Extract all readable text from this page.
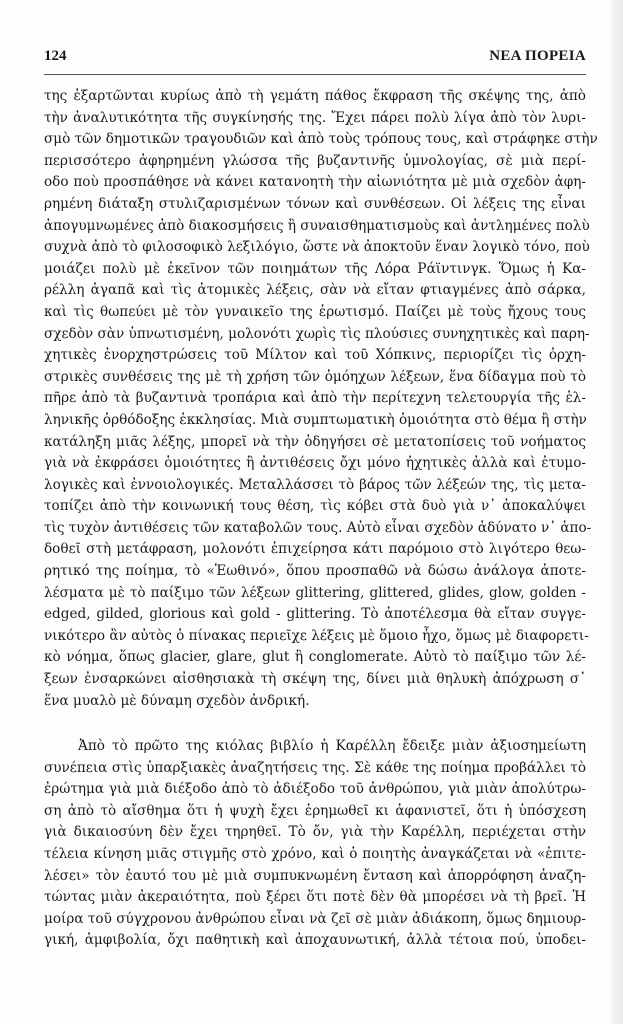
124	ΝΕΑ ΠΟΡΕΙΑ
της ἐξαρτῶνται κυρίως ἀπὸ τὴ γεμάτη πάθος ἔκφραση τῆς σκέψης της, ἀπὸ
τὴν ἀναλυτικότητα τῆς συγκίνησής της. Ἔχει πάρει πολὺ λίγα ἀπὸ τὸν λυρι-
σμὸ τῶν δημοτικῶν τραγουδιῶν καὶ ἀπὸ τοὺς τρόπους τους, καὶ στράφηκε στὴν
περισσότερο ἀφηρημένη γλώσσα τῆς βυζαντινῆς ὑμνολογίας, σὲ μιὰ περί-
οδο ποὺ προσπάθησε νὰ κάνει κατανοητὴ τὴν αἰωνιότητα μὲ μιὰ σχεδὸν ἀφη-
ρημένη διάταξη στυλιζαρισμένων τόνων καὶ συνθέσεων. Οἱ λέξεις της εἶναι
ἀπογυμνωμένες ἀπὸ διακοσμήσεις ἢ συναισθηματισμοὺς καὶ ἀντλημένες πολὺ
συχνὰ ἀπὸ τὸ φιλοσοφικὸ λεξιλόγιο, ὥστε νὰ ἀποκτοῦν ἕναν λογικὸ τόνο, ποὺ
μοιάζει πολὺ μὲ ἐκεῖνον τῶν ποιημάτων τῆς Λόρα Ράϊντινγκ. Ὅμως ἡ Κα-
ρέλλη ἀγαπᾶ καὶ τὶς ἀτομικὲς λέξεις, σὰν νὰ εἴταν φτιαγμένες ἀπὸ σάρκα,
καὶ τὶς θωπεύει μὲ τὸν γυναικεῖο της ἐρωτισμό. Παίζει μὲ τοὺς ἤχους τους
σχεδὸν σὰν ὑπνωτισμένη, μολονότι χωρὶς τὶς πλούσιες συνηχητικὲς καὶ παρη-
χητικὲς ἐνορχηστρώσεις τοῦ Μίλτον καὶ τοῦ Χόπκινς, περιορίζει τὶς ὀρχη-
στρικὲς συνθέσεις της μὲ τὴ χρήση τῶν ὁμόηχων λέξεων, ἕνα δίδαγμα ποὺ τὸ
πῆρε ἀπὸ τὰ βυζαντινὰ τροπάρια καὶ ἀπὸ τὴν περίτεχνη τελετουργία τῆς ἑλ-
ληνικῆς ὀρθόδοξης ἐκκλησίας. Μιὰ συμπτωματικὴ ὁμοιότητα στὸ θέμα ἢ στὴν
κατάληξη μιᾶς λέξης, μπορεῖ νὰ τὴν ὁδηγήσει σὲ μετατοπίσεις τοῦ νοήματος
γιὰ νὰ ἐκφράσει ὁμοιότητες ἢ ἀντιθέσεις ὄχι μόνο ἠχητικὲς ἀλλὰ καὶ ἐτυμο-
λογικὲς καὶ ἐννοιολογικές. Μεταλλάσσει τὸ βάρος τῶν λέξεών της, τὶς μετα-
τοπίζει ἀπὸ τὴν κοινωνική τους θέση, τὶς κόβει στὰ δυὸ γιὰ ν᾿ ἀποκαλύψει
τὶς τυχὸν ἀντιθέσεις τῶν καταβολῶν τους. Αὐτὸ εἶναι σχεδὸν ἀδύνατο ν᾿ ἀπο-
δοθεῖ στὴ μετάφραση, μολονότι ἐπιχείρησα κάτι παρόμοιο στὸ λιγότερο θεω-
ρητικό της ποίημα, τὸ «Ἑωθινό», ὅπου προσπαθῶ νὰ δώσω ἀνάλογα ἀποτε-
λέσματα μὲ τὸ παίξιμο τῶν λέξεων glittering, glittered, glides, glow, golden -
edged, gilded, glorious καὶ gold - glittering. Τὸ ἀποτέλεσμα θὰ εἴταν συγγε-
νικότερο ἂν αὐτὸς ὁ πίνακας περιεῖχε λέξεις μὲ ὅμοιο ἦχο, ὅμως μὲ διαφορετι-
κὸ νόημα, ὅπως glacier, glare, glut ἢ conglomerate. Αὐτὸ τὸ παίξιμο τῶν λέ-
ξεων ἐνσαρκώνει αἰσθησιακὰ τὴ σκέψη της, δίνει μιὰ θηλυκὴ ἀπόχρωση σ᾿
ἕνα μυαλὸ μὲ δύναμη σχεδὸν ἀνδρική.
Ἀπὸ τὸ πρῶτο της κιόλας βιβλίο ἡ Καρέλλη ἔδειξε μιὰν ἀξιοσημείωτη
συνέπεια στὶς ὑπαρξιακὲς ἀναζητήσεις της. Σὲ κάθε της ποίημα προβάλλει τὸ
ἐρώτημα γιὰ μιὰ διέξοδο ἀπὸ τὸ ἀδιέξοδο τοῦ ἀνθρώπου, γιὰ μιὰν ἀπολύτρω-
ση ἀπὸ τὸ αἴσθημα ὅτι ἡ ψυχὴ ἔχει ἐρημωθεῖ κι ἀφανιστεῖ, ὅτι ἡ ὑπόσχεση
γιὰ δικαιοσύνη δὲν ἔχει τηρηθεῖ. Τὸ ὄν, γιὰ τὴν Καρέλλη, περιέχεται στὴν
τέλεια κίνηση μιᾶς στιγμῆς στὸ χρόνο, καὶ ὁ ποιητὴς ἀναγκάζεται νὰ «ἐπιτε-
λέσει» τὸν ἑαυτό του μὲ μιὰ συμπυκνωμένη ἔνταση καὶ ἀπορρόφηση ἀναζη-
τώντας μιὰν ἀκεραιότητα, ποὺ ξέρει ὅτι ποτὲ δὲν θὰ μπορέσει νὰ τὴ βρεῖ. Ἡ
μοίρα τοῦ σύγχρονου ἀνθρώπου εἶναι νὰ ζεῖ σὲ μιὰν ἀδιάκοπη, ὅμως δημιουρ-
γική, ἀμφιβολία, ὄχι παθητικὴ καὶ ἀποχαυνωτική, ἀλλὰ τέτοια πού, ὑποδει-
